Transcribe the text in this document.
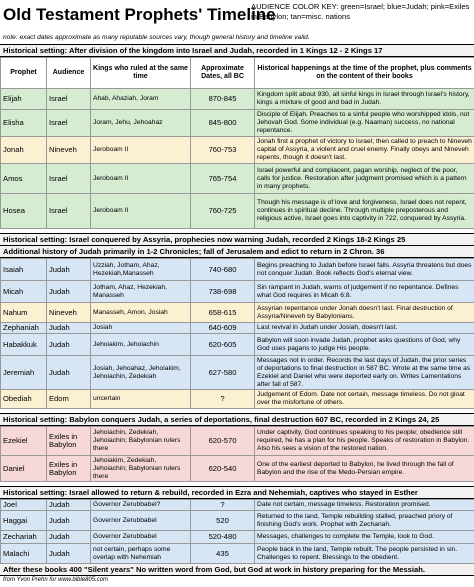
Old Testament Prophets' Timeline
AUDIENCE COLOR KEY: green=Israel; blue=Judah; pink=Exiles in Babylon; tan=misc. nations
note: exact dates approximate as many reputable sources vary, though general history and timeline valid.
Historical setting: After division of the kingdom into Israel and Judah, recorded in 1 Kings 12 - 2 Kings 17
Prophet	Audience	Kings who ruled at the same time	Approximate Dates, all BC	Historical happenings at the time of the prophet, plus comments on the content of their books
Elijah	Israel	Ahab, Ahaziah, Joram	870-845	Kingdom split about 930, all sinful kings in Israel through Israel's history, kings a mixture of good and bad in Judah.
Elisha	Israel	Joram, Jehu, Jehoahaz	845-800	Disciple of Elijah. Preaches to a sinful people who worshipped idols, not Jehovah God. Some individual (e.g. Naaman) success, no national repentance.
Jonah	Nineveh	Jeroboam II	760-753	Jonah first a prophet of victory to Israel; then called to preach to Nineveh capital of Assyria, a violent and cruel enemy. Finally obeys and Nineveh repents, though it doesn't last.
Amos	Israel	Jeroboam II	765-754	Israel powerful and complacent, pagan worship, neglect of the poor, calls for justice. Restoration after judgment promised which is a pattern in many prophets.
Hosea	Israel	Jeroboam II	760-725	Though his message is of love and forgiveness, Israel does not repent, continues in spiritual decline. Through multiple preposterous and religious active, Israel goes into captivity in 722, conquered by Assyria.
Historical setting: Israel conquered by Assyria, prophecies now warning Judah, recorded 2 Kings 18-2 Kings 25
Additional history of Judah primarily in 1-2 Chronicles; fall of Jerusalem and edict to return in 2 Chron. 36
Isaiah	Judah	Uzziah, Jotham, Ahaz, Hezekiah,Manasseh	740-680	Begins preaching to Judah before Israel falls. Assyria threatens but does not conquer Judah. Book reflects God's eternal view.
Micah	Judah	Jotham, Ahaz, Hezekiah, Manasseh	738-698	Sin rampant in Judah, warns of judgement if no repentance. Defines what God requires in Micah 6:8.
Nahum	Nineveh	Manasseh, Amon, Josiah	658-615	Assyrian repentance under Jonah doesn't last. Final destruction of Assyria/Nineveh by Babylonians.
Zephaniah	Judah	Josiah	640-609	Last revival in Judah under Josiah, doesn't last.
Habakkuk	Judah	Jehoiakim, Jehoiachin	620-605	Babylon will soon invade Judah, prophet asks questions of God, why God uses pagans to judge His people.
Jeremiah	Judah	Josiah, Jehoahaz, Jehoiakim, Jehoiachin, Zedekiah	627-580	Messages not in order. Records the last days of Judah, the prior series of deportations to final destruction in 587 BC. Wrote at the same time as Ezekiel and Daniel who were deported early on. Writes Lamentations after fall of 587.
Obediah	Edom	uncertain	?	Judgement of Edom. Date not certain, message timeless. Do not gloat over the misfortune of others.
Historical setting: Babylon conquers Judah, a series of deportations, final destruction 607 BC, recorded in 2 Kings 24, 25
Ezekiel	Exiles in Babylon	Jehoiachin, Zedekiah, Jehoiachin; Babylonian rulers there	620-570	Under captivity, God continues speaking to his people; obedience still required, he has a plan for his people. Speaks of restoration in Babylon. Also his sees a vision of the restored nation.
Daniel	Exiles in Babylon	Jehoiakim, Zedekiah, Jehoiachin; Babylonian rulers there	620-540	One of the earliest deported to Babylon, he lived through the fall of Babylon and the rise of the Medo-Persian empire.
Historical setting: Israel allowed to return & rebuild, recorded in Ezra and Nehemiah, captives who stayed in Esther
Joel	Judah	Governor Zerubbabel?	?	Date not certain, message timeless. Restoration promised.
Haggai	Judah	Governor Zerubbabel	520	Returned to the land, Temple rebuilding stalled, preached priory of finishing God's work. Prophet with Zechariah.
Zechariah	Judah	Governor Zerubbabel	520-480	Messages, challenges to complete the Temple, look to God.
Malachi	Judah	not certain, perhaps some overlap with Nehemiah	435	People back in the land, Temple rebuilt. The people persisted in sin. Challenges to repent. Blessings to the obedient.
After these books 400 "Silent years" No written word from God, but God at work in history preparing for the Messiah.
from Yvon Prehn for www.bible805.com
